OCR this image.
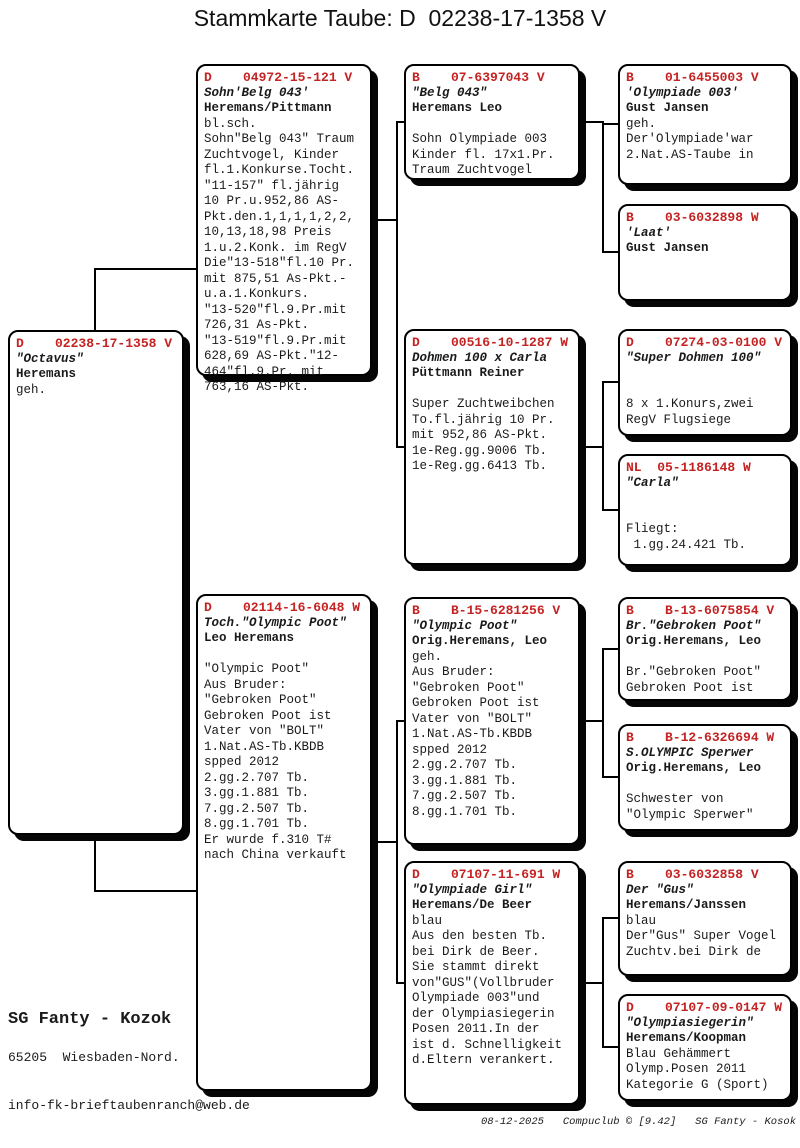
Stammkarte Taube: D  02238-17-1358 V
D    02238-17-1358 V
"Octavus"
Heremans
geh.
D    04972-15-121 V
Sohn'Belg 043'
Heremans/Pittmann
bl.sch.
Sohn"Belg 043" Traum
Zuchtvogel, Kinder
fl.1.Konkurse.Tocht.
"11-157" fl.jährig
10 Pr.u.952,86 AS-
Pkt.den.1,1,1,1,2,2,
10,13,18,98 Preis
1.u.2.Konk. im RegV
Die"13-518"fl.10 Pr.
mit 875,51 As-Pkt.-
u.a.1.Konkurs.
"13-520"fl.9.Pr.mit
726,31 As-Pkt.
"13-519"fl.9.Pr.mit
628,69 AS-Pkt."12-
464"fl.9.Pr. mit
763,16 AS-Pkt.
D    02114-16-6048 W
Toch."Olympic Poot"
Leo Heremans

"Olympic Poot"
Aus Bruder:
"Gebroken Poot"
Gebroken Poot ist
Vater von "BOLT"
1.Nat.AS-Tb.KBDB
spped 2012
2.gg.2.707 Tb.
3.gg.1.881 Tb.
7.gg.2.507 Tb.
8.gg.1.701 Tb.
Er wurde f.310 T#
nach China verkauft
B    07-6397043 V
"Belg 043"
Heremans Leo

Sohn Olympiade 003
Kinder fl. 17x1.Pr.
Traum Zuchtvogel
D    00516-10-1287 W
Dohmen 100 x Carla
Püttmann Reiner

Super Zuchtweibchen
To.fl.jährig 10 Pr.
mit 952,86 AS-Pkt.
1e-Reg.gg.9006 Tb.
1e-Reg.gg.6413 Tb.
B    B-15-6281256 V
"Olympic Poot"
Orig.Heremans, Leo
geh.
Aus Bruder:
"Gebroken Poot"
Gebroken Poot ist
Vater von "BOLT"
1.Nat.AS-Tb.KBDB
spped 2012
2.gg.2.707 Tb.
3.gg.1.881 Tb.
7.gg.2.507 Tb.
8.gg.1.701 Tb.
D    07107-11-691 W
"Olympiade Girl"
Heremans/De Beer
blau
Aus den besten Tb.
bei Dirk de Beer.
Sie stammt direkt
von"GUS"(Vollbruder
Olympiade 003"und
der Olympiasiegerin
Posen 2011.In der
ist d. Schnelligkeit
d.Eltern verankert.
B    01-6455003 V
'Olympiade 003'
Gust Jansen
geh.
Der'Olympiade'war
2.Nat.AS-Taube in
B    03-6032898 W
'Laat'
Gust Jansen
D    07274-03-0100 V
"Super Dohmen 100"

8 x 1.Konurs,zwei
RegV Flugsiege
NL  05-1186148 W
"Carla"

Fliegt:
1.gg.24.421 Tb.
B    B-13-6075854 V
Br."Gebroken Poot"
Orig.Heremans, Leo

Br."Gebroken Poot"
Gebroken Poot ist
B    B-12-6326694 W
S.OLYMPIC Sperwer
Orig.Heremans, Leo

Schwester von
"Olympic Sperwer"
B    03-6032858 V
Der "Gus"
Heremans/Janssen
blau
Der"Gus" Super Vogel
Zuchtv.bei Dirk de
D    07107-09-0147 W
"Olympiasiegerin"
Heremans/Koopman
Blau Gehämmert
Olymp.Posen 2011
Kategorie G (Sport)
SG Fanty - Kozok
65205  Wiesbaden-Nord.
info-fk-brieftaubenranch@web.de
08-12-2025   Compuclub © [9.42]   SG Fanty - Kosok
